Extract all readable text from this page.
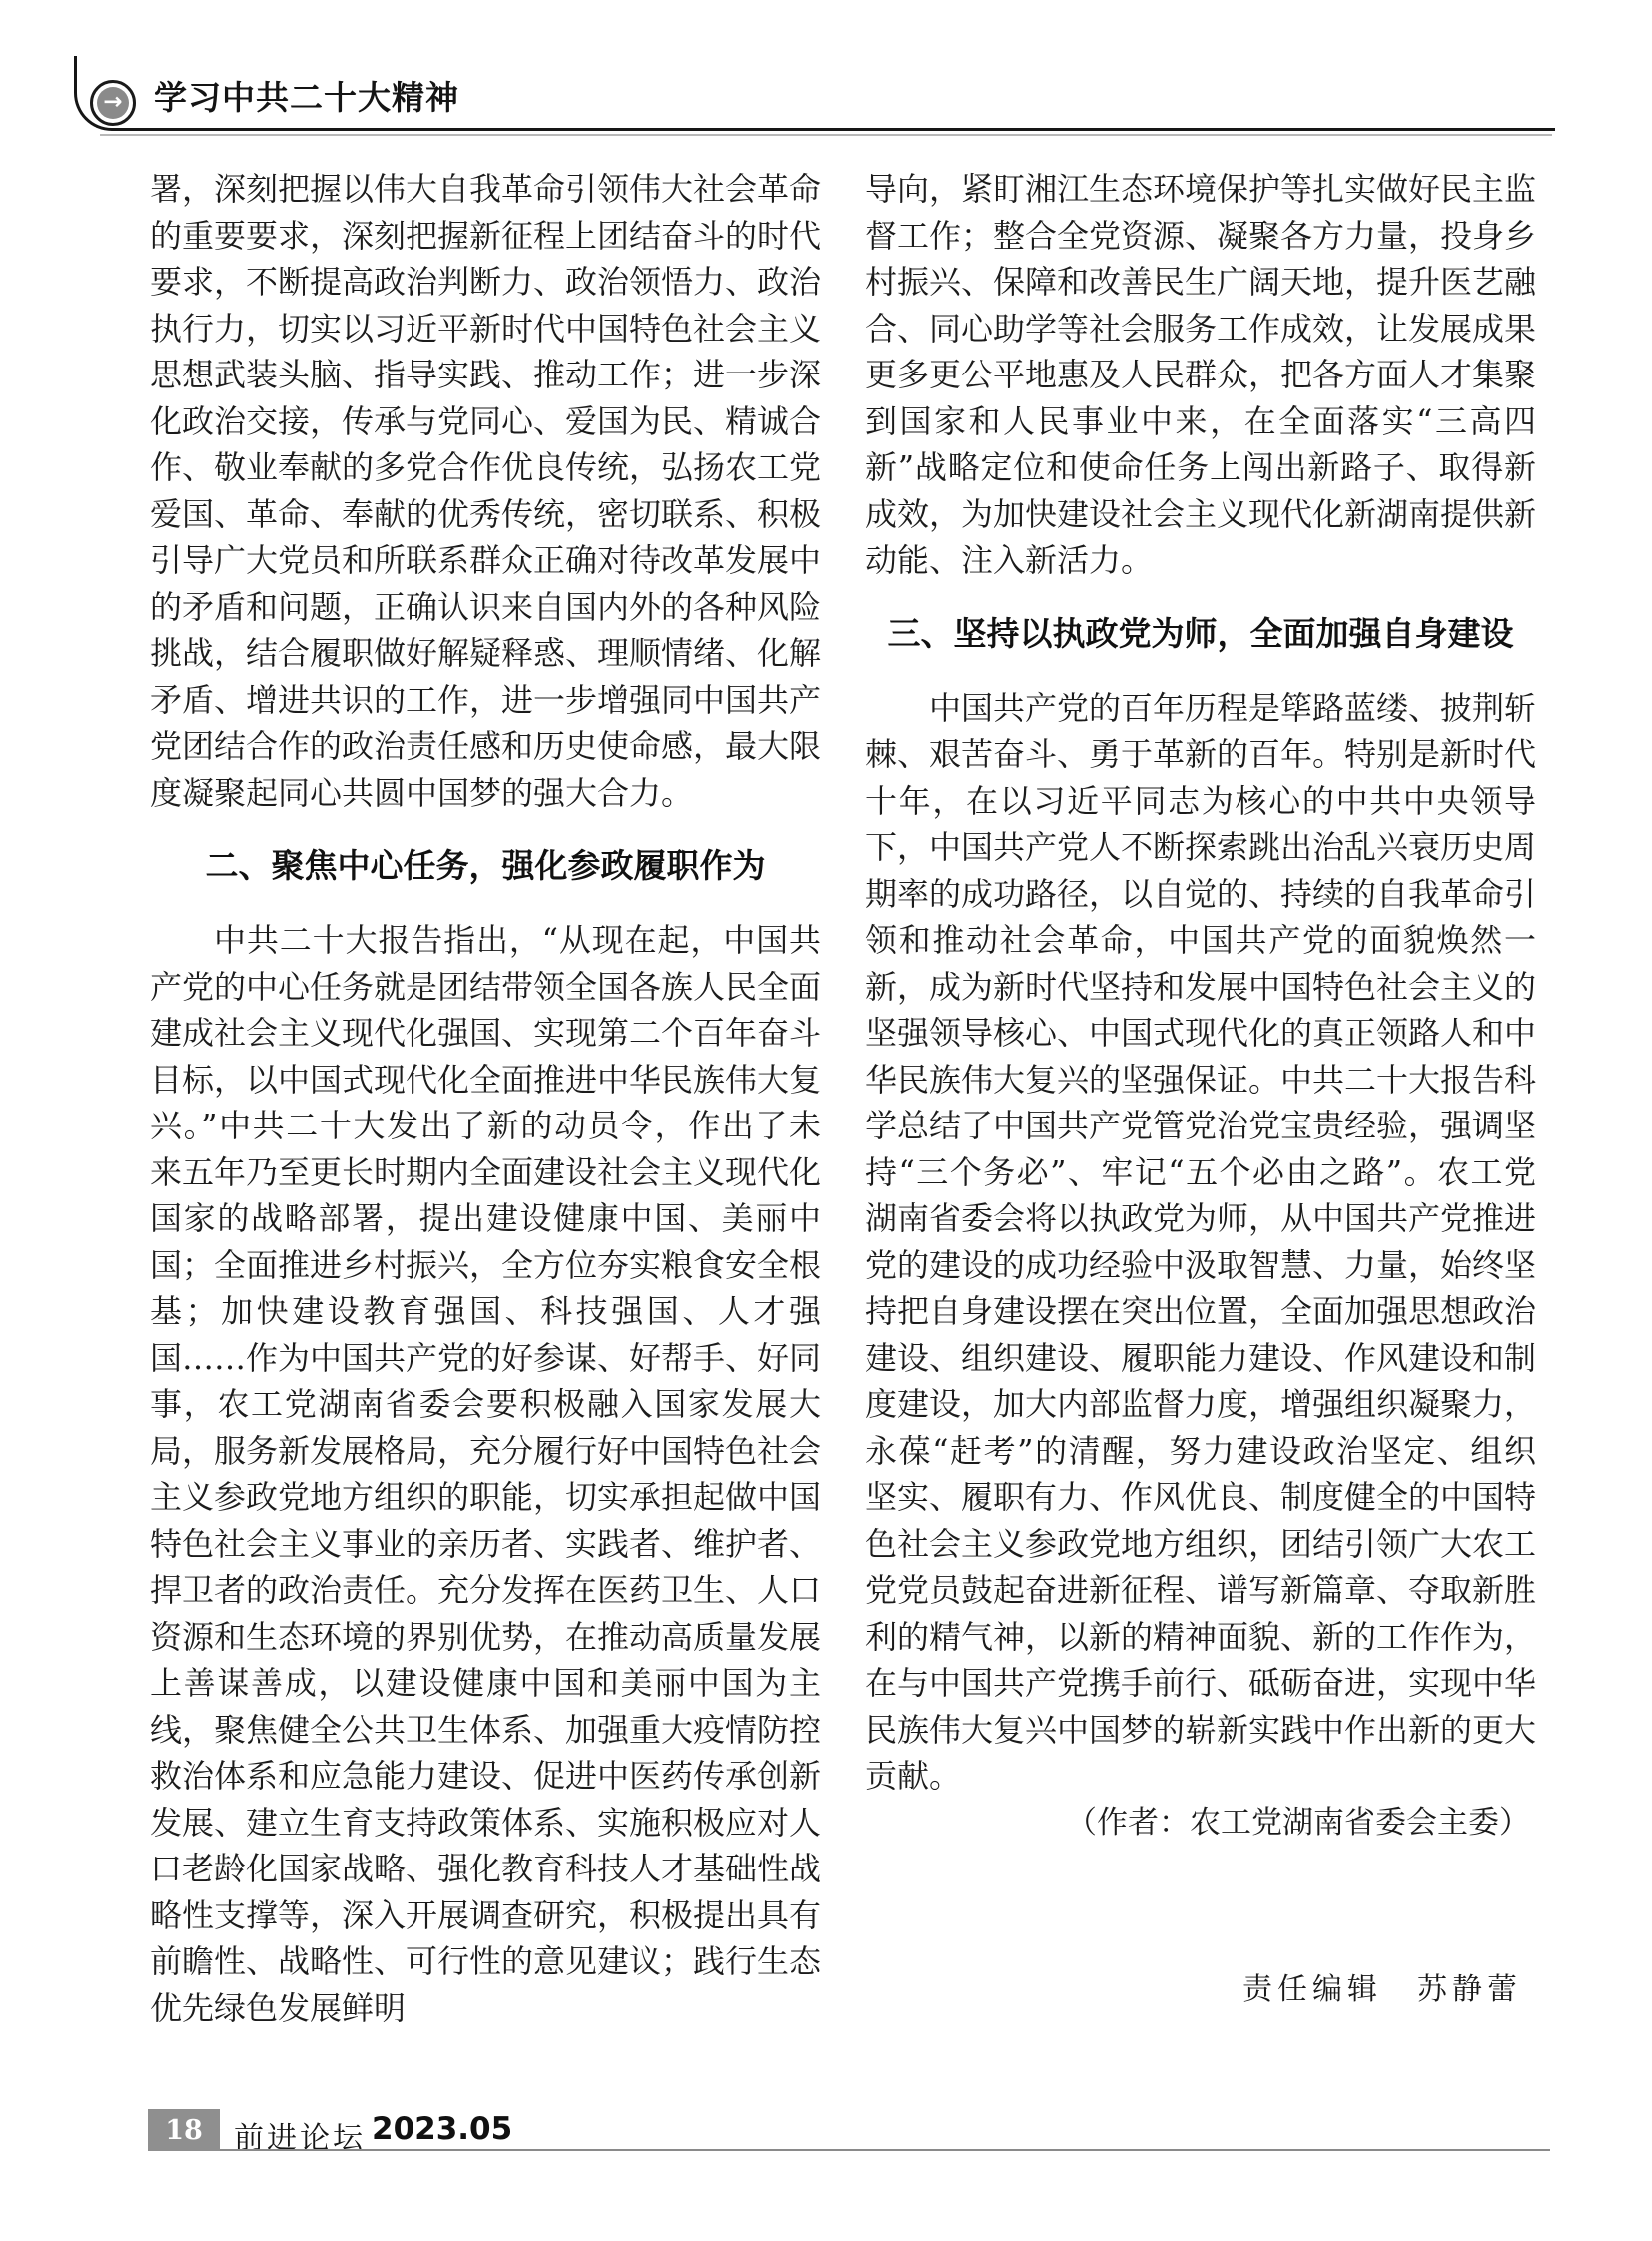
→ 学习中共二十大精神

署，深刻把握以伟大自我革命引领伟大社会革命的重要要求，深刻把握新征程上团结奋斗的时代要求，不断提高政治判断力、政治领悟力、政治执行力，切实以习近平新时代中国特色社会主义思想武装头脑、指导实践、推动工作；进一步深化政治交接，传承与党同心、爱国为民、精诚合作、敬业奉献的多党合作优良传统，弘扬农工党爱国、革命、奉献的优秀传统，密切联系、积极引导广大党员和所联系群众正确对待改革发展中的矛盾和问题，正确认识来自国内外的各种风险挑战，结合履职做好解疑释惑、理顺情绪、化解矛盾、增进共识的工作，进一步增强同中国共产党团结合作的政治责任感和历史使命感，最大限度凝聚起同心共圆中国梦的强大合力。

二、聚焦中心任务，强化参政履职作为

中共二十大报告指出，“从现在起，中国共产党的中心任务就是团结带领全国各族人民全面建成社会主义现代化强国、实现第二个百年奋斗目标，以中国式现代化全面推进中华民族伟大复兴。”中共二十大发出了新的动员令，作出了未来五年乃至更长时期内全面建设社会主义现代化国家的战略部署，提出建设健康中国、美丽中国；全面推进乡村振兴，全方位夯实粮食安全根基；加快建设教育强国、科技强国、人才强国……作为中国共产党的好参谋、好帮手、好同事，农工党湖南省委会要积极融入国家发展大局，服务新发展格局，充分履行好中国特色社会主义参政党地方组织的职能，切实承担起做中国特色社会主义事业的亲历者、实践者、维护者、捍卫者的政治责任。充分发挥在医药卫生、人口资源和生态环境的界别优势，在推动高质量发展上善谋善成，以建设健康中国和美丽中国为主线，聚焦健全公共卫生体系、加强重大疫情防控救治体系和应急能力建设、促进中医药传承创新发展、建立生育支持政策体系、实施积极应对人口老龄化国家战略、强化教育科技人才基础性战略性支撑等，深入开展调查研究，积极提出具有前瞻性、战略性、可行性的意见建议；践行生态优先绿色发展鲜明

导向，紧盯湘江生态环境保护等扎实做好民主监督工作；整合全党资源、凝聚各方力量，投身乡村振兴、保障和改善民生广阔天地，提升医艺融合、同心助学等社会服务工作成效，让发展成果更多更公平地惠及人民群众，把各方面人才集聚到国家和人民事业中来，在全面落实“三高四新”战略定位和使命任务上闯出新路子、取得新成效，为加快建设社会主义现代化新湖南提供新动能、注入新活力。

三、坚持以执政党为师，全面加强自身建设

中国共产党的百年历程是筚路蓝缕、披荆斩棘、艰苦奋斗、勇于革新的百年。特别是新时代十年，在以习近平同志为核心的中共中央领导下，中国共产党人不断探索跳出治乱兴衰历史周期率的成功路径，以自觉的、持续的自我革命引领和推动社会革命，中国共产党的面貌焕然一新，成为新时代坚持和发展中国特色社会主义的坚强领导核心、中国式现代化的真正领路人和中华民族伟大复兴的坚强保证。中共二十大报告科学总结了中国共产党管党治党宝贵经验，强调坚持“三个务必”、牢记“五个必由之路”。农工党湖南省委会将以执政党为师，从中国共产党推进党的建设的成功经验中汲取智慧、力量，始终坚持把自身建设摆在突出位置，全面加强思想政治建设、组织建设、履职能力建设、作风建设和制度建设，加大内部监督力度，增强组织凝聚力，永葆“赶考”的清醒，努力建设政治坚定、组织坚实、履职有力、作风优良、制度健全的中国特色社会主义参政党地方组织，团结引领广大农工党党员鼓起奋进新征程、谱写新篇章、夺取新胜利的精气神，以新的精神面貌、新的工作作为，在与中国共产党携手前行、砥砺奋进，实现中华民族伟大复兴中国梦的崭新实践中作出新的更大贡献。

（作者：农工党湖南省委会主委）

责任编辑　苏静蕾

18 前进论坛 2023.05
